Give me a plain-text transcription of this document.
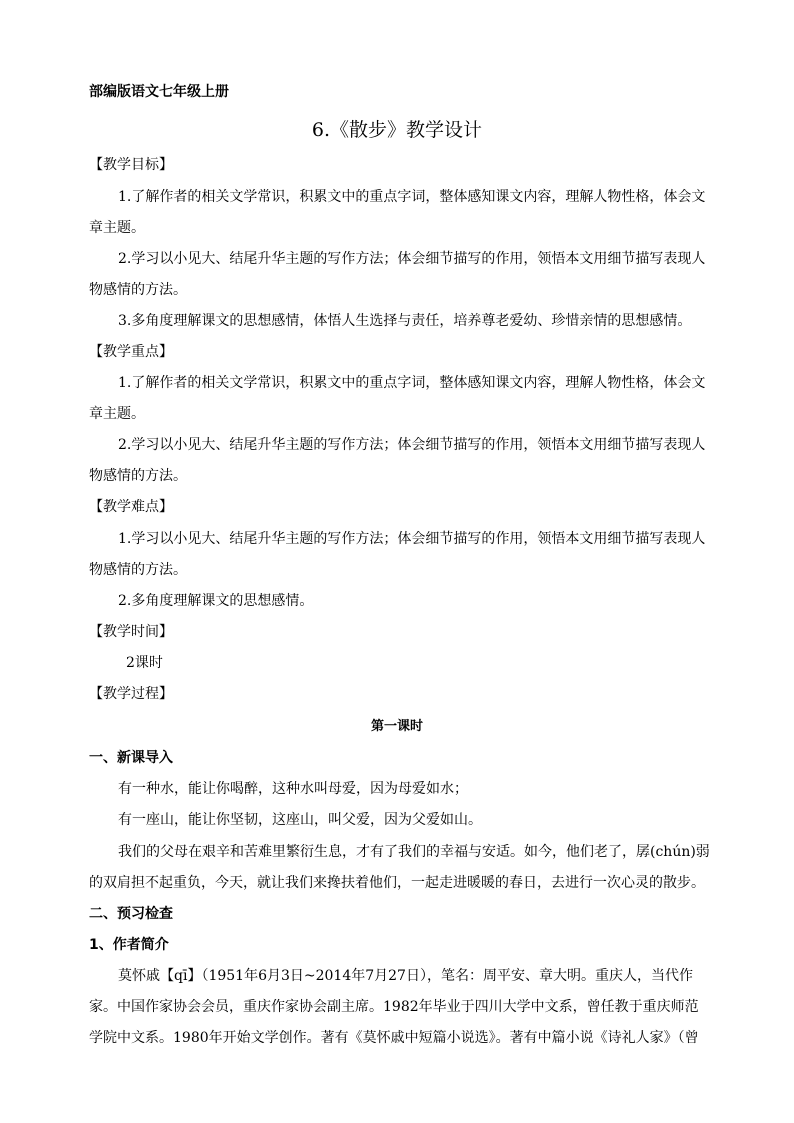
部编版语文七年级上册
6.《散步》教学设计
【教学目标】
1.了解作者的相关文学常识，积累文中的重点字词，整体感知课文内容，理解人物性格，体会文
章主题。
2.学习以小见大、结尾升华主题的写作方法；体会细节描写的作用，领悟本文用细节描写表现人
物感情的方法。
3.多角度理解课文的思想感情，体悟人生选择与责任，培养尊老爱幼、珍惜亲情的思想感情。
【教学重点】
1.了解作者的相关文学常识，积累文中的重点字词，整体感知课文内容，理解人物性格，体会文
章主题。
2.学习以小见大、结尾升华主题的写作方法；体会细节描写的作用，领悟本文用细节描写表现人
物感情的方法。
【教学难点】
1.学习以小见大、结尾升华主题的写作方法；体会细节描写的作用，领悟本文用细节描写表现人
物感情的方法。
2.多角度理解课文的思想感情。
【教学时间】
2课时
【教学过程】
第一课时
一、新课导入
有一种水，能让你喝醉，这种水叫母爱，因为母爱如水；
有一座山，能让你坚韧，这座山，叫父爱，因为父爱如山。
我们的父母在艰辛和苦难里繁衍生息，才有了我们的幸福与安适。如今，他们老了，孱(chún)弱
的双肩担不起重负，今天，就让我们来搀扶着他们，一起走进暖暖的春日，去进行一次心灵的散步。
二、预习检查
1、作者简介
莫怀戚【qī】（1951年6月3日~2014年7月27日），笔名：周平安、章大明。重庆人，当代作
家。中国作家协会会员，重庆作家协会副主席。1982年毕业于四川大学中文系，曾任教于重庆师范
学院中文系。1980年开始文学创作。著有《莫怀戚中短篇小说选》。著有中篇小说《诗礼人家》（曾
